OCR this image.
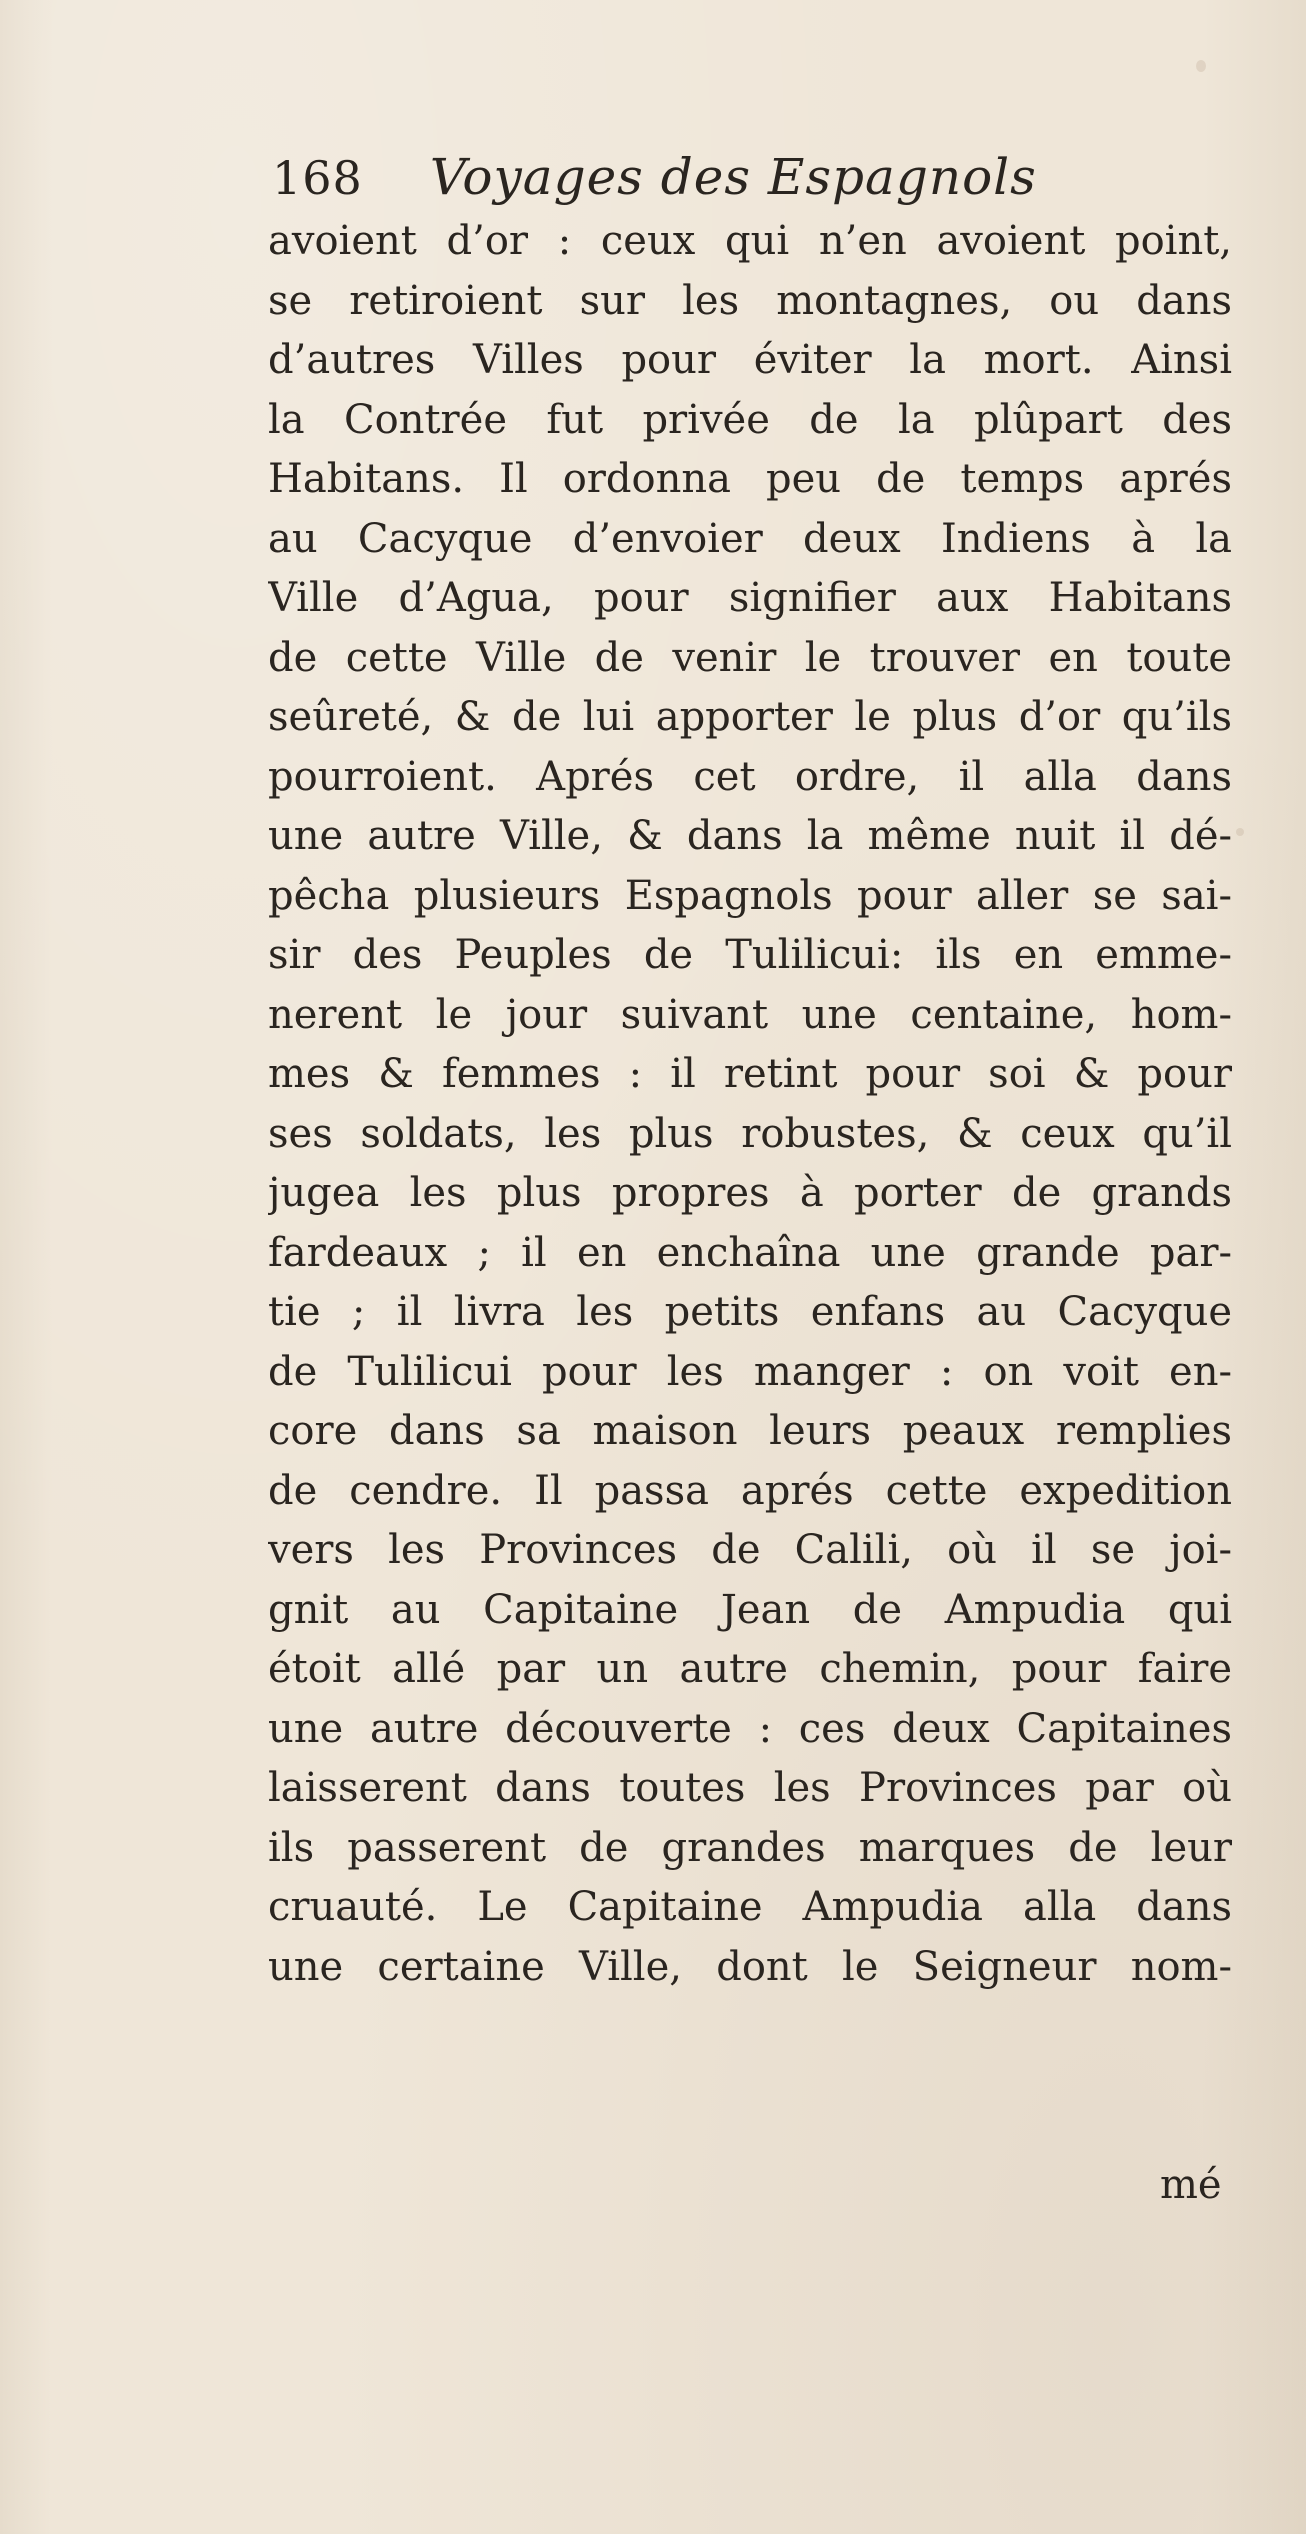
168 Voyages des Espagnols
avoient d’or : ceux qui n’en avoient point,
se retiroient sur les montagnes, ou dans
d’autres Villes pour éviter la mort. Ainsi
la Contrée fut privée de la plûpart des
Habitans. Il ordonna peu de temps aprés
au Cacyque d’envoier deux Indiens à la
Ville d’Agua, pour signifier aux Habitans
de cette Ville de venir le trouver en toute
seûreté, & de lui apporter le plus d’or qu’ils
pourroient. Aprés cet ordre, il alla dans
une autre Ville, & dans la même nuit il dé-
pêcha plusieurs Espagnols pour aller se sai-
sir des Peuples de Tulilicui: ils en emme-
nerent le jour suivant une centaine, hom-
mes & femmes : il retint pour soi & pour
ses soldats, les plus robustes, & ceux qu’il
jugea les plus propres à porter de grands
fardeaux ; il en enchaîna une grande par-
tie ; il livra les petits enfans au Cacyque
de Tulilicui pour les manger : on voit en-
core dans sa maison leurs peaux remplies
de cendre. Il passa aprés cette expedition
vers les Provinces de Calili, où il se joi-
gnit au Capitaine Jean de Ampudia qui
étoit allé par un autre chemin, pour faire
une autre découverte : ces deux Capitaines
laisserent dans toutes les Provinces par où
ils passerent de grandes marques de leur
cruauté. Le Capitaine Ampudia alla dans
une certaine Ville, dont le Seigneur nom-
mé
